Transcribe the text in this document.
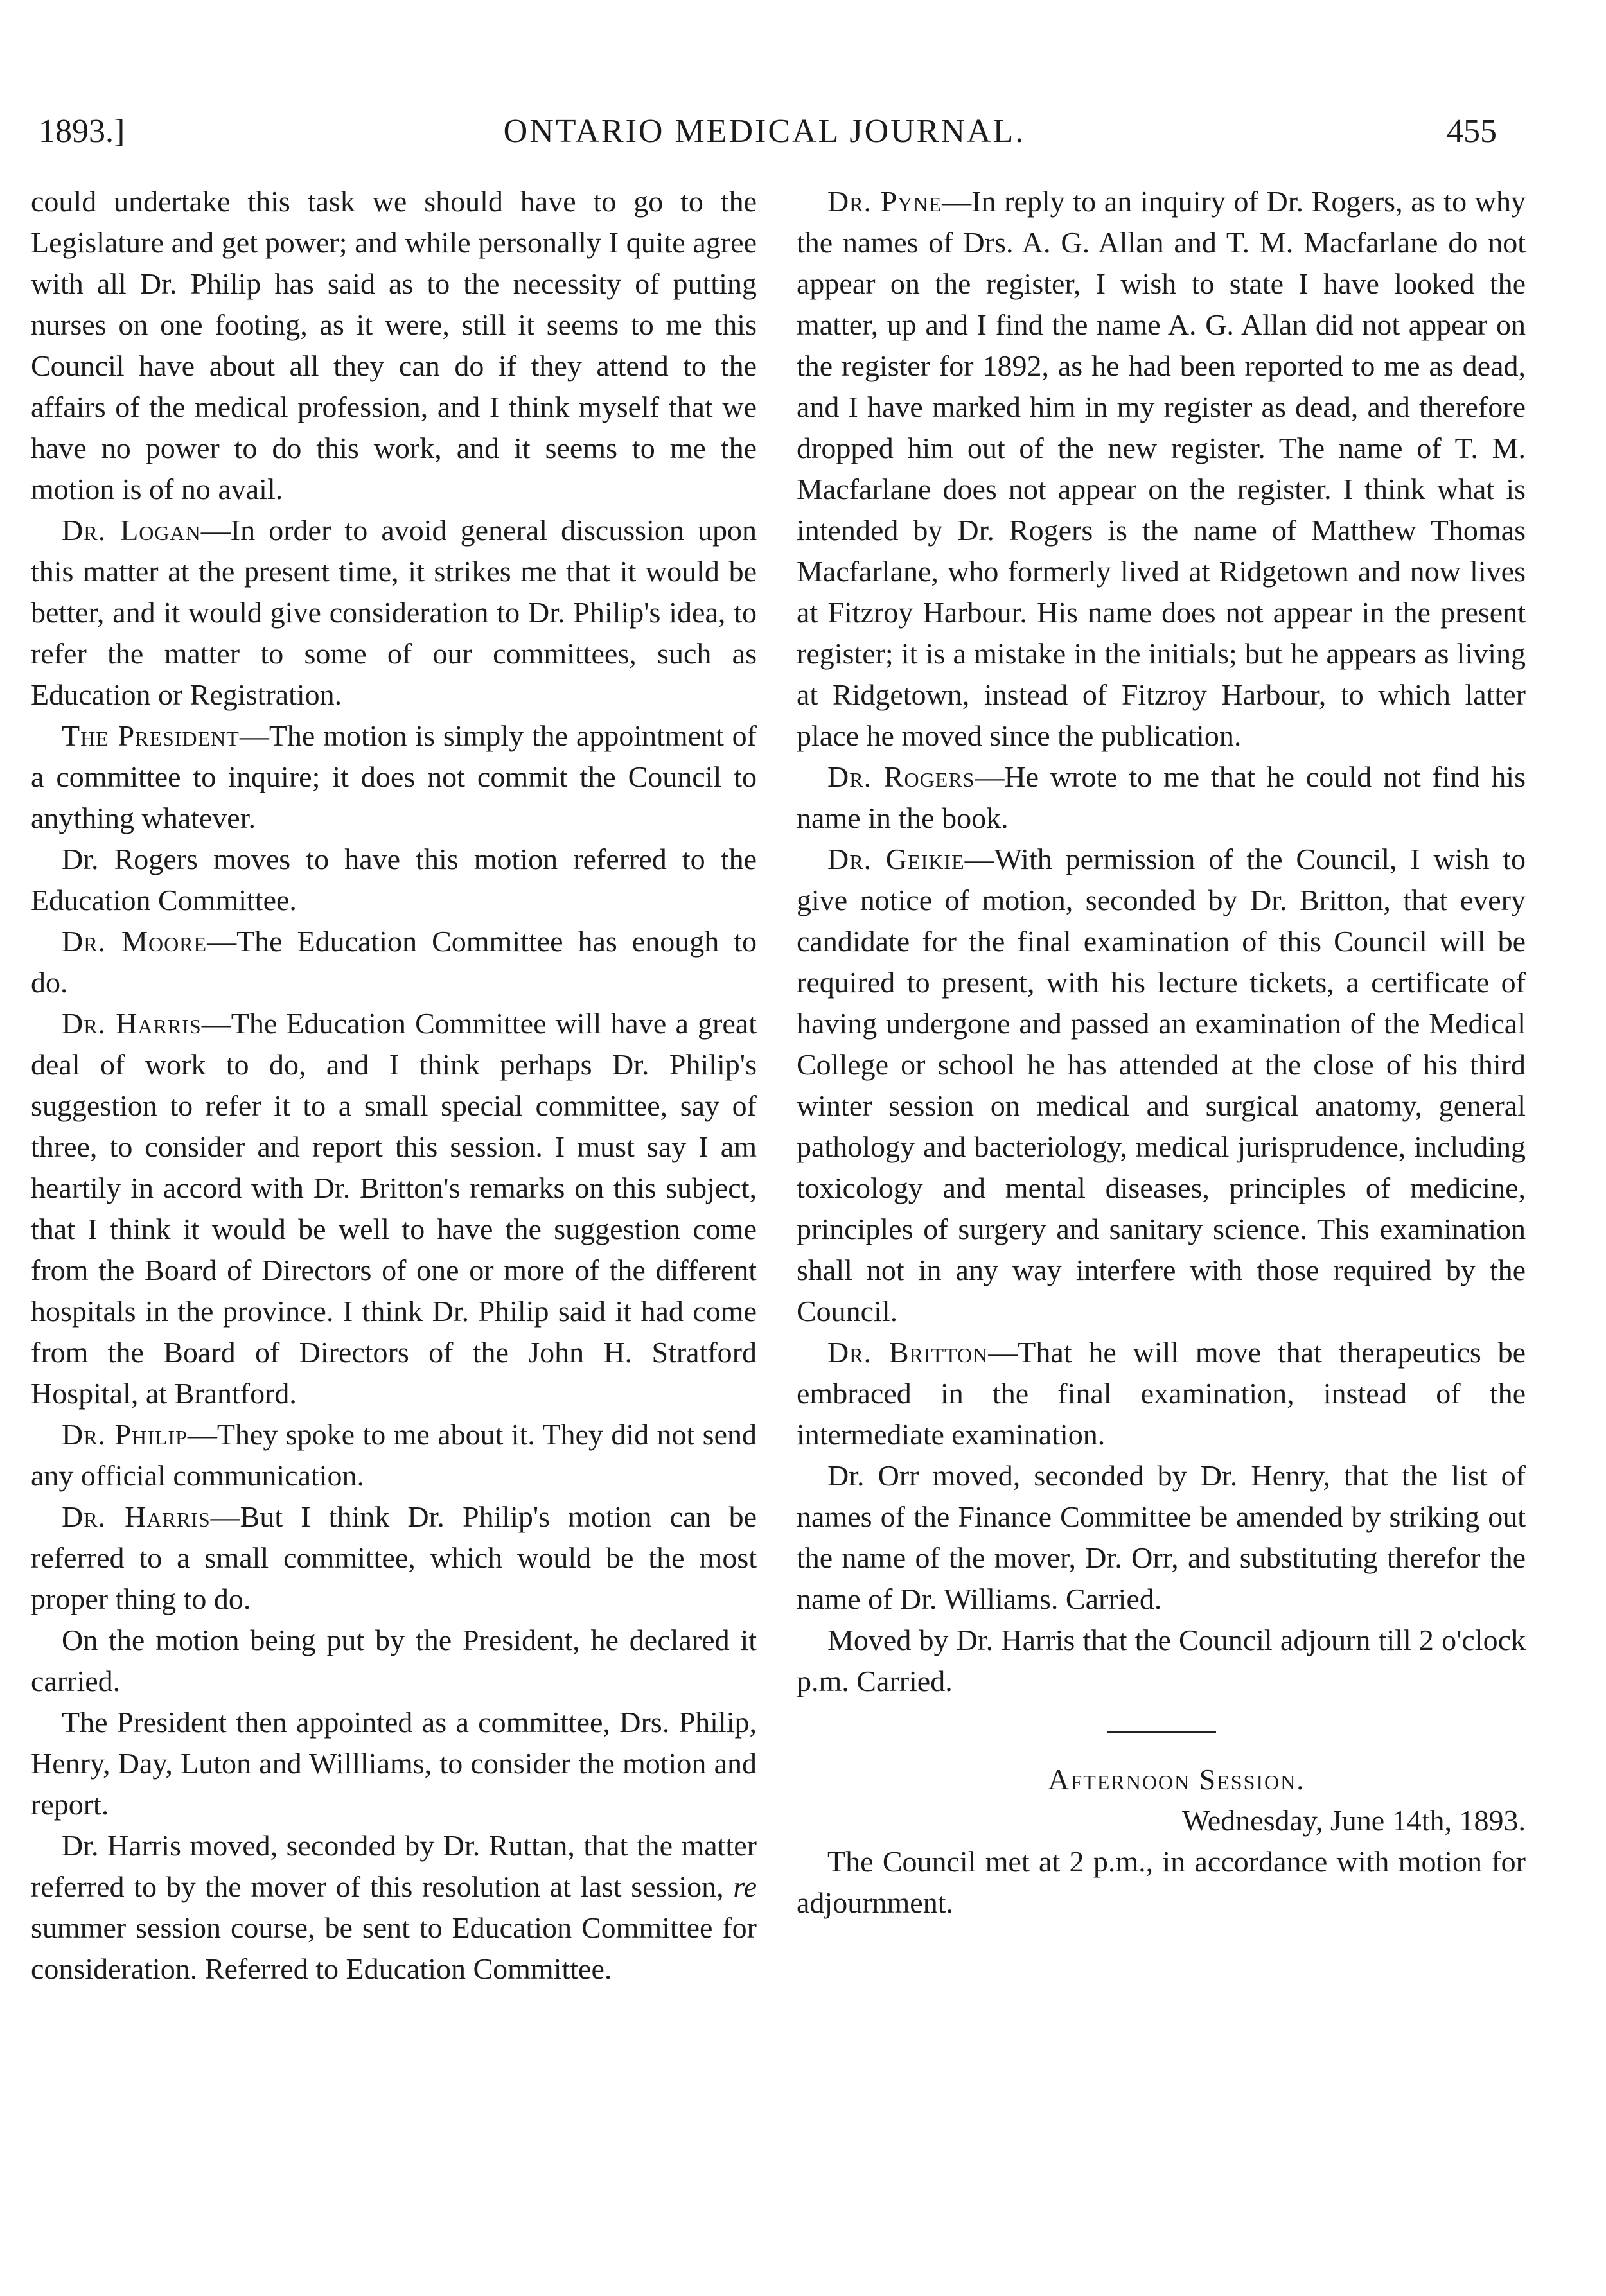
1893.]	ONTARIO MEDICAL JOURNAL.	455

could undertake this task we should have to go to the Legislature and get power; and while personally I quite agree with all Dr. Philip has said as to the necessity of putting nurses on one footing, as it were, still it seems to me this Council have about all they can do if they attend to the affairs of the medical profession, and I think myself that we have no power to do this work, and it seems to me the motion is of no avail.

Dr. Logan—In order to avoid general discussion upon this matter at the present time, it strikes me that it would be better, and it would give consideration to Dr. Philip's idea, to refer the matter to some of our committees, such as Education or Registration.

The President—The motion is simply the appointment of a committee to inquire; it does not commit the Council to anything whatever.

Dr. Rogers moves to have this motion referred to the Education Committee.

Dr. Moore—The Education Committee has enough to do.

Dr. Harris—The Education Committee will have a great deal of work to do, and I think perhaps Dr. Philip's suggestion to refer it to a small special committee, say of three, to consider and report this session. I must say I am heartily in accord with Dr. Britton's remarks on this subject, that I think it would be well to have the suggestion come from the Board of Directors of one or more of the different hospitals in the province. I think Dr. Philip said it had come from the Board of Directors of the John H. Stratford Hospital, at Brantford.

Dr. Philip—They spoke to me about it. They did not send any official communication.

Dr. Harris—But I think Dr. Philip's motion can be referred to a small committee, which would be the most proper thing to do.

On the motion being put by the President, he declared it carried.

The President then appointed as a committee, Drs. Philip, Henry, Day, Luton and Willliams, to consider the motion and report.

Dr. Harris moved, seconded by Dr. Ruttan, that the matter referred to by the mover of this resolution at last session, re summer session course, be sent to Education Committee for consideration. Referred to Education Committee.

Dr. Pyne—In reply to an inquiry of Dr. Rogers, as to why the names of Drs. A. G. Allan and T. M. Macfarlane do not appear on the register, I wish to state I have looked the matter, up and I find the name A. G. Allan did not appear on the register for 1892, as he had been reported to me as dead, and I have marked him in my register as dead, and therefore dropped him out of the new register. The name of T. M. Macfarlane does not appear on the register. I think what is intended by Dr. Rogers is the name of Matthew Thomas Macfarlane, who formerly lived at Ridgetown and now lives at Fitzroy Harbour. His name does not appear in the present register; it is a mistake in the initials; but he appears as living at Ridgetown, instead of Fitzroy Harbour, to which latter place he moved since the publication.

Dr. Rogers—He wrote to me that he could not find his name in the book.

Dr. Geikie—With permission of the Council, I wish to give notice of motion, seconded by Dr. Britton, that every candidate for the final examination of this Council will be required to present, with his lecture tickets, a certificate of having undergone and passed an examination of the Medical College or school he has attended at the close of his third winter session on medical and surgical anatomy, general pathology and bacteriology, medical jurisprudence, including toxicology and mental diseases, principles of medicine, principles of surgery and sanitary science. This examination shall not in any way interfere with those required by the Council.

Dr. Britton—That he will move that therapeutics be embraced in the final examination, instead of the intermediate examination.

Dr. Orr moved, seconded by Dr. Henry, that the list of names of the Finance Committee be amended by striking out the name of the mover, Dr. Orr, and substituting therefor the name of Dr. Williams. Carried.

Moved by Dr. Harris that the Council adjourn till 2 o'clock p.m. Carried.

Afternoon Session.

Wednesday, June 14th, 1893.

The Council met at 2 p.m., in accordance with motion for adjournment.
